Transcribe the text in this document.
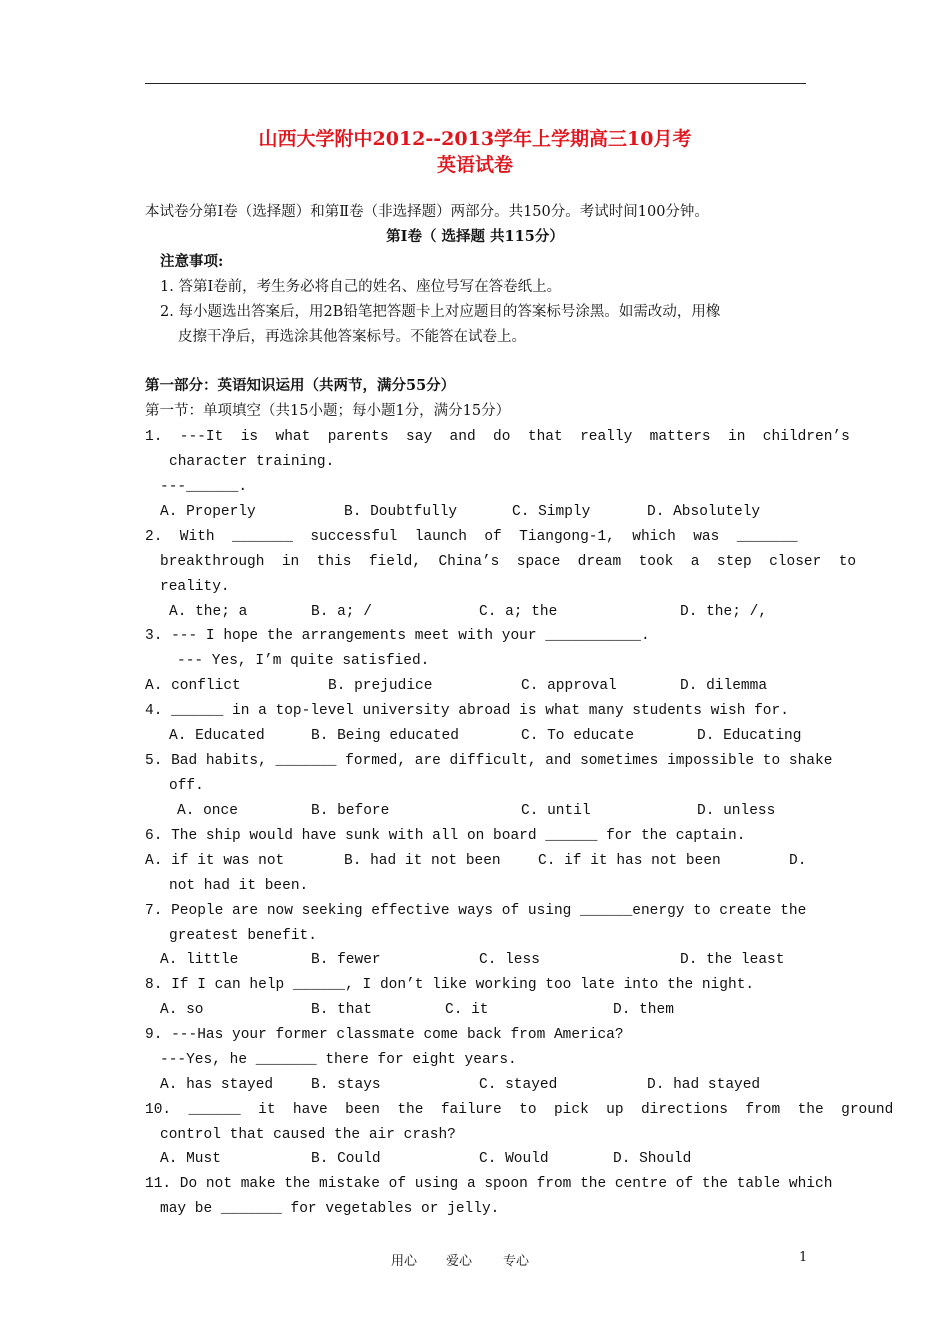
山西大学附中2012--2013学年上学期高三10月考
英语试卷
本试卷分第Ⅰ卷（选择题）和第Ⅱ卷（非选择题）两部分。共150分。考试时间100分钟。
第Ⅰ卷（ 选择题 共115分）
注意事项:
1. 答第Ⅰ卷前，考生务必将自己的姓名、座位号写在答卷纸上。
2. 每小题选出答案后，用2B铅笔把答题卡上对应题目的答案标号涂黑。如需改动，用橡
皮擦干净后，再选涂其他答案标号。不能答在试卷上。
第一部分：英语知识运用（共两节，满分55分）
第一节：单项填空（共15小题；每小题1分，满分15分）
1.  ---It  is  what  parents  say  and  do  that  really  matters  in  children’s
character training.
---______.
A. Properly	B. Doubtfully	C. Simply	D. Absolutely
2.  With  _______  successful  launch  of  Tiangong-1,  which  was  _______
breakthrough  in  this  field,  China’s  space  dream  took  a  step  closer  to
reality.
A. the; a	B. a; /	C. a; the	D. the; /,
3. --- I hope the arrangements meet with your ___________.
--- Yes, I’m quite satisfied.
A. conflict	B. prejudice	C. approval	D. dilemma
4. ______ in a top-level university abroad is what many students wish for.
A. Educated	B. Being educated	C. To educate	D. Educating
5. Bad habits, _______ formed, are difficult, and sometimes impossible to shake
off.
A. once	B. before	C. until	D. unless
6. The ship would have sunk with all on board ______ for the captain.
A. if it was not	B. had it not been	C. if it has not been	D.
not had it been.
7. People are now seeking effective ways of using ______energy to create the
greatest benefit.
A. little	B. fewer	C. less	D. the least
8. If I can help ______, I don’t like working too late into the night.
A. so	B. that	C. it	D. them
9. ---Has your former classmate come back from America?
---Yes, he _______ there for eight years.
A. has stayed	B. stays	C. stayed	D. had stayed
10.  ______  it  have  been  the  failure  to  pick  up  directions  from  the  ground
control that caused the air crash?
A. Must	B. Could	C. Would	D. Should
11. Do not make the mistake of using a spoon from the centre of the table which
may be _______ for vegetables or jelly.
用心 爱心 专心	1
